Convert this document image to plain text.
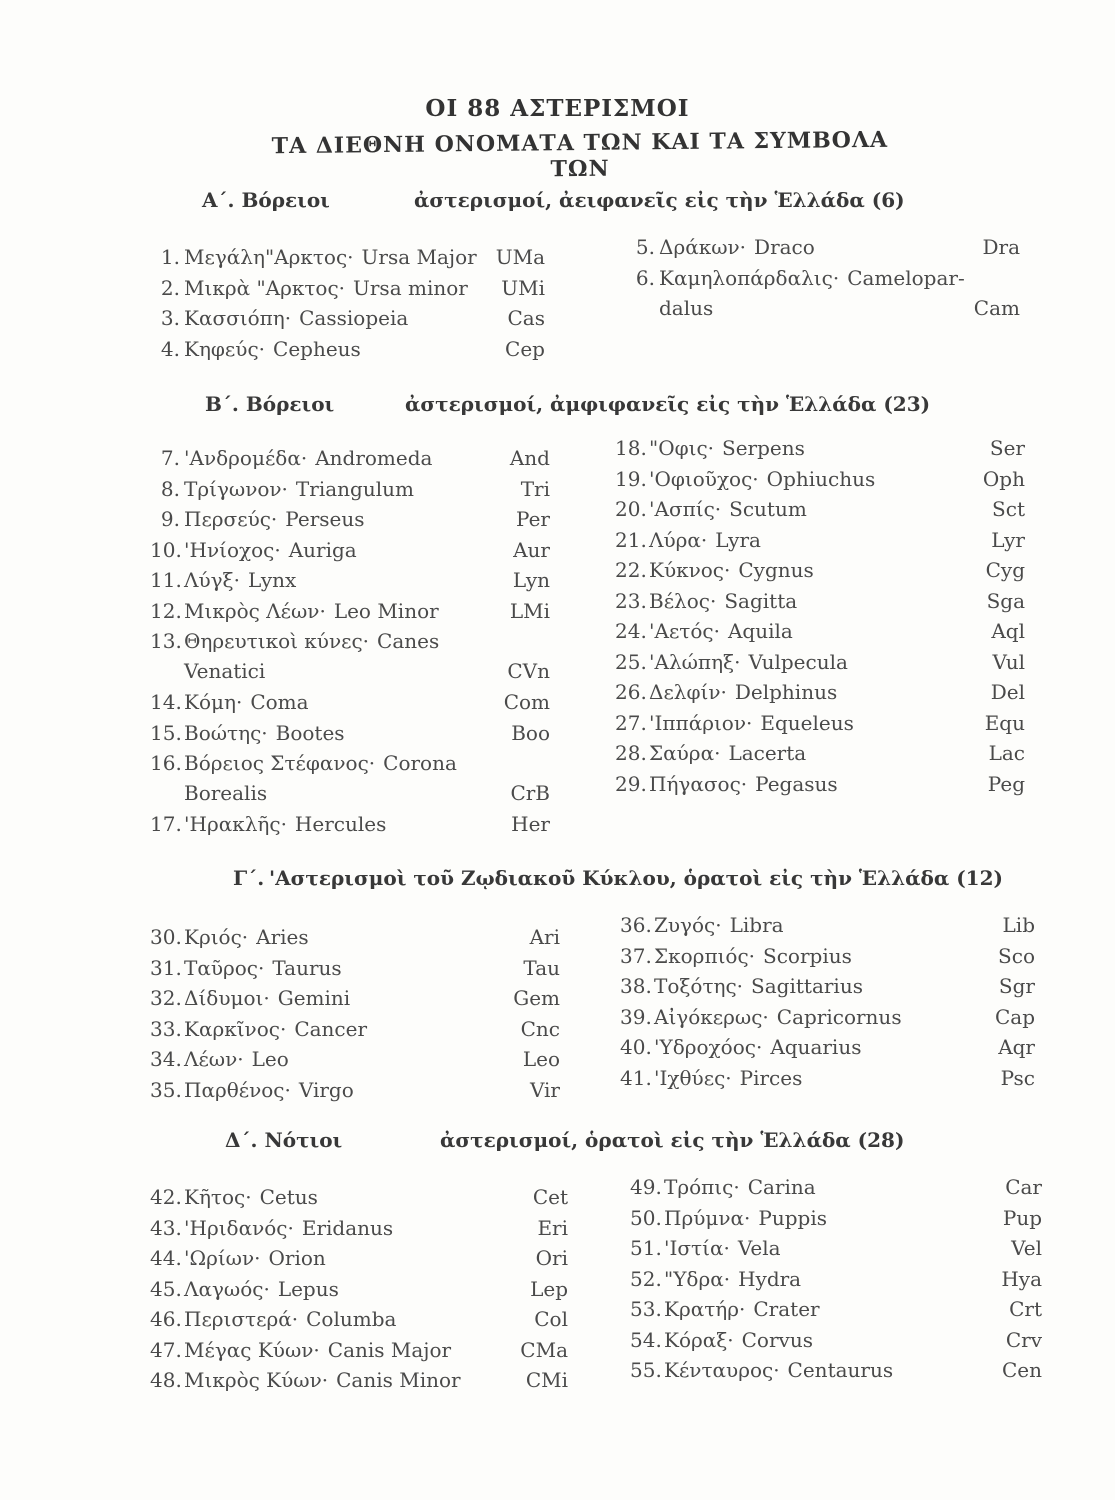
ΟΙ 88 ΑΣΤΕΡΙΣΜΟΙ
ΤΑ ΔΙΕΘΝΗ ΟΝΟΜΑΤΑ ΤΩΝ ΚΑΙ ΤΑ ΣΥΜΒΟΛΑ ΤΩΝ
Α΄. Βόρειοι	ἀστερισμοί, ἀειφανεῖς εἰς τὴν Ἑλλάδα (6)
1. Μεγάλη"Αρκτος· Ursa Major UMa
2. Μικρὰ "Αρκτος· Ursa minor UMi
3. Κασσιόπη· Cassiopeia	Cas
4. Κηφεύς· Cepheus	Cep
5. Δράκων· Draco	Dra
6. Καμηλοπάρδαλις· Camelopar-
dalus	Cam
Β΄. Βόρειοι	ἀστερισμοί, ἀμφιφανεῖς εἰς τὴν Ἑλλάδα (23)
7. 'Ανδρομέδα· Andromeda	And
8. Τρίγωνον· Triangulum	Tri
9. Περσεύς· Perseus	Per
10. 'Ηνίοχος· Auriga	Aur
11. Λύγξ· Lynx	Lyn
12. Μικρὸς Λέων· Leo Minor	LMi
13. Θηρευτικοὶ κύνες· Canes
Venatici	CVn
14. Κόμη· Coma	Com
15. Βοώτης· Bootes	Boo
16. Βόρειος Στέφανος· Corona
Borealis	CrB
17. 'Ηρακλῆς· Hercules	Her
18. "Οφις· Serpens	Ser
19. 'Οφιοῦχος· Ophiuchus	Oph
20. 'Ασπίς· Scutum	Sct
21. Λύρα· Lyra	Lyr
22. Κύκνος· Cygnus	Cyg
23. Βέλος· Sagitta	Sga
24. 'Αετός· Aquila	Aql
25. 'Αλώπηξ· Vulpecula	Vul
26. Δελφίν· Delphinus	Del
27. 'Ιππάριον· Equeleus	Equ
28. Σαύρα· Lacerta	Lac
29. Πήγασος· Pegasus	Peg
Γ΄. 'Αστερισμοὶ τοῦ Ζῳδιακοῦ Κύκλου, ὁρατοὶ εἰς τὴν Ἑλλάδα (12)
30. Κριός· Aries	Ari
31. Ταῦρος· Taurus	Tau
32. Δίδυμοι· Gemini	Gem
33. Καρκῖνος· Cancer	Cnc
34. Λέων· Leo	Leo
35. Παρθένος· Virgo	Vir
36. Ζυγός· Libra	Lib
37. Σκορπιός· Scorpius	Sco
38. Τοξότης· Sagittarius	Sgr
39. Αἰγόκερως· Capricornus	Cap
40. 'Υδροχόος· Aquarius	Aqr
41. 'Ιχθύες· Pirces	Psc
Δ΄. Νότιοι	ἀστερισμοί, ὁρατοὶ εἰς τὴν Ἑλλάδα (28)
42. Κῆτος· Cetus	Cet
43. 'Ηριδανός· Eridanus	Eri
44. 'Ωρίων· Orion	Ori
45. Λαγωός· Lepus	Lep
46. Περιστερά· Columba	Col
47. Μέγας Κύων· Canis Major	CMa
48. Μικρὸς Κύων· Canis Minor	CMi
49. Τρόπις· Carina	Car
50. Πρύμνα· Puppis	Pup
51. 'Ιστία· Vela	Vel
52. "Υδρα· Hydra	Hya
53. Κρατήρ· Crater	Crt
54. Κόραξ· Corvus	Crv
55. Κένταυρος· Centaurus	Cen
